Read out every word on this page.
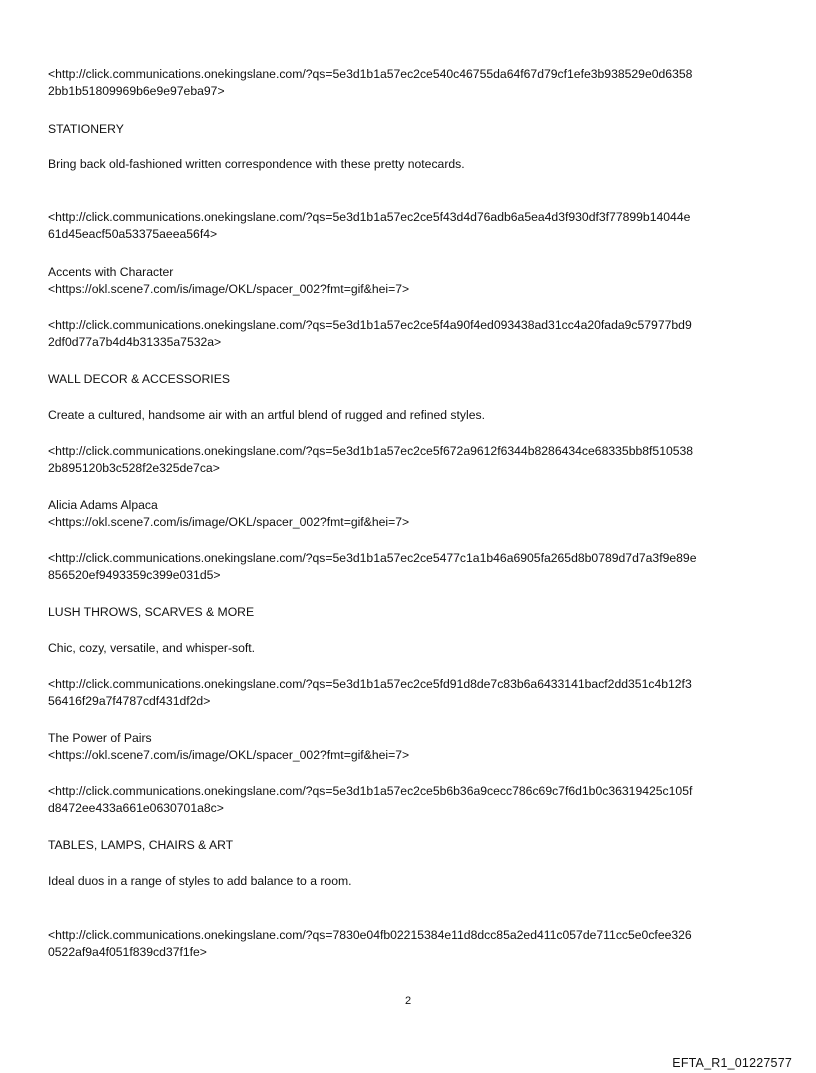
<http://click.communications.onekingslane.com/?qs=5e3d1b1a57ec2ce540c46755da64f67d79cf1efe3b938529e0d6358
2bb1b51809969b6e9e97eba97>
STATIONERY
Bring back old-fashioned written correspondence with these pretty notecards.
<http://click.communications.onekingslane.com/?qs=5e3d1b1a57ec2ce5f43d4d76adb6a5ea4d3f930df3f77899b14044e
61d45eacf50a53375aeea56f4>
Accents with Character
<https://okl.scene7.com/is/image/OKL/spacer_002?fmt=gif&hei=7>
<http://click.communications.onekingslane.com/?qs=5e3d1b1a57ec2ce5f4a90f4ed093438ad31cc4a20fada9c57977bd9
2df0d77a7b4d4b31335a7532a>
WALL DECOR & ACCESSORIES
Create a cultured, handsome air with an artful blend of rugged and refined styles.
<http://click.communications.onekingslane.com/?qs=5e3d1b1a57ec2ce5f672a9612f6344b8286434ce68335bb8f510538
2b895120b3c528f2e325de7ca>
Alicia Adams Alpaca
<https://okl.scene7.com/is/image/OKL/spacer_002?fmt=gif&hei=7>
<http://click.communications.onekingslane.com/?qs=5e3d1b1a57ec2ce5477c1a1b46a6905fa265d8b0789d7d7a3f9e89e
856520ef9493359c399e031d5>
LUSH THROWS, SCARVES & MORE
Chic, cozy, versatile, and whisper-soft.
<http://click.communications.onekingslane.com/?qs=5e3d1b1a57ec2ce5fd91d8de7c83b6a6433141bacf2dd351c4b12f3
56416f29a7f4787cdf431df2d>
The Power of Pairs
<https://okl.scene7.com/is/image/OKL/spacer_002?fmt=gif&hei=7>
<http://click.communications.onekingslane.com/?qs=5e3d1b1a57ec2ce5b6b36a9cecc786c69c7f6d1b0c36319425c105f
d8472ee433a661e0630701a8c>
TABLES, LAMPS, CHAIRS & ART
Ideal duos in a range of styles to add balance to a room.
<http://click.communications.onekingslane.com/?qs=7830e04fb02215384e11d8dcc85a2ed411c057de711cc5e0cfee326
0522af9a4f051f839cd37f1fe>
2
EFTA_R1_01227577
